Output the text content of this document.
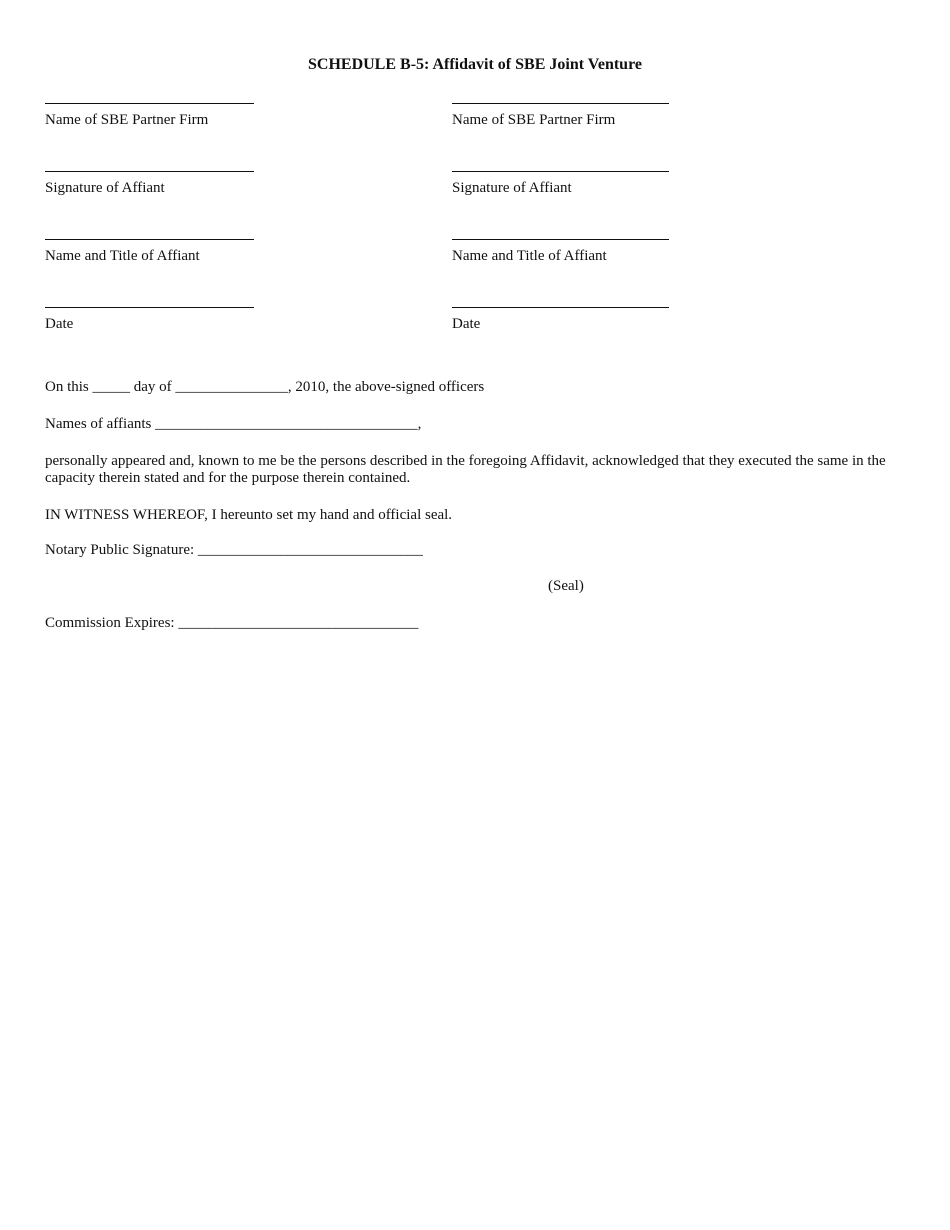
SCHEDULE B-5: Affidavit of SBE Joint Venture
Name of SBE Partner Firm
Signature of Affiant
Name and Title of Affiant
Date
Name of SBE Partner Firm
Signature of Affiant
Name and Title of Affiant
Date
On this _____ day of _______________, 2010, the above-signed officers
Names of affiants ___________________________________,
personally appeared and, known to me be the persons described in the foregoing Affidavit, acknowledged that they executed the same in the capacity therein stated and for the purpose therein contained.
IN WITNESS WHEREOF, I hereunto set my hand and official seal.
Notary Public Signature: ______________________________
(Seal)
Commission Expires: ________________________________
